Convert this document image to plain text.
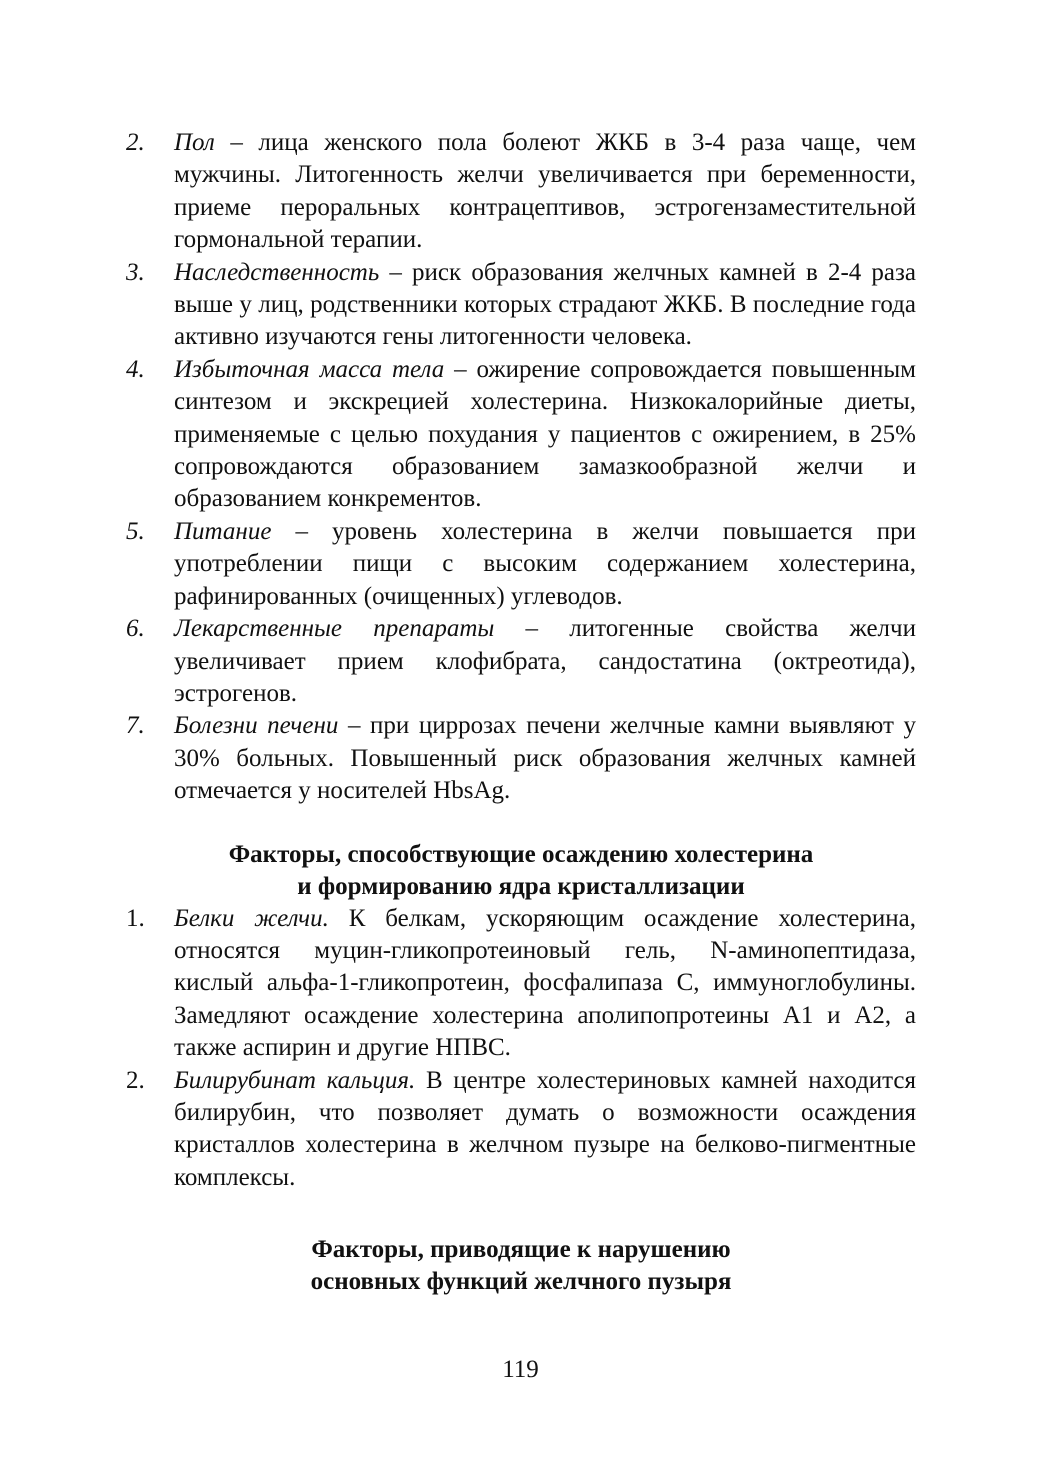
2.	Пол – лица женского пола болеют ЖКБ в 3-4 раза чаще, чем мужчины. Литогенность желчи увеличивается при беременности, приеме пероральных контрацептивов, эстрогензаместительной гормональной терапии.
3.	Наследственность – риск образования желчных камней в 2-4 раза выше у лиц, родственники которых страдают ЖКБ. В последние года активно изучаются гены литогенности человека.
4.	Избыточная масса тела – ожирение сопровождается повышенным синтезом и экскрецией холестерина. Низкокалорийные диеты, применяемые с целью похудания у пациентов с ожирением, в 25% сопровождаются образованием замазкообразной желчи и образованием конкрементов.
5.	Питание – уровень холестерина в желчи повышается при употреблении пищи с высоким содержанием холестерина, рафинированных (очищенных) углеводов.
6.	Лекарственные препараты – литогенные свойства желчи увеличивает прием клофибрата, сандостатина (октреотида), эстрогенов.
7.	Болезни печени – при циррозах печени желчные камни выявляют у 30% больных. Повышенный риск образования желчных камней отмечается у носителей HbsAg.
Факторы, способствующие осаждению холестерина
и формированию ядра кристаллизации
1.	Белки желчи. К белкам, ускоряющим осаждение холестерина, относятся муцин-гликопротеиновый гель, N-аминопептидаза, кислый альфа-1-гликопротеин, фосфалипаза С, иммуноглобулины. Замедляют осаждение холестерина аполипопротеины А1 и А2, а также аспирин и другие НПВС.
2.	Билирубинат кальция. В центре холестериновых камней находится билирубин, что позволяет думать о возможности осаждения кристаллов холестерина в желчном пузыре на белково-пигментные комплексы.
Факторы, приводящие к нарушению
основных функций желчного пузыря
119
